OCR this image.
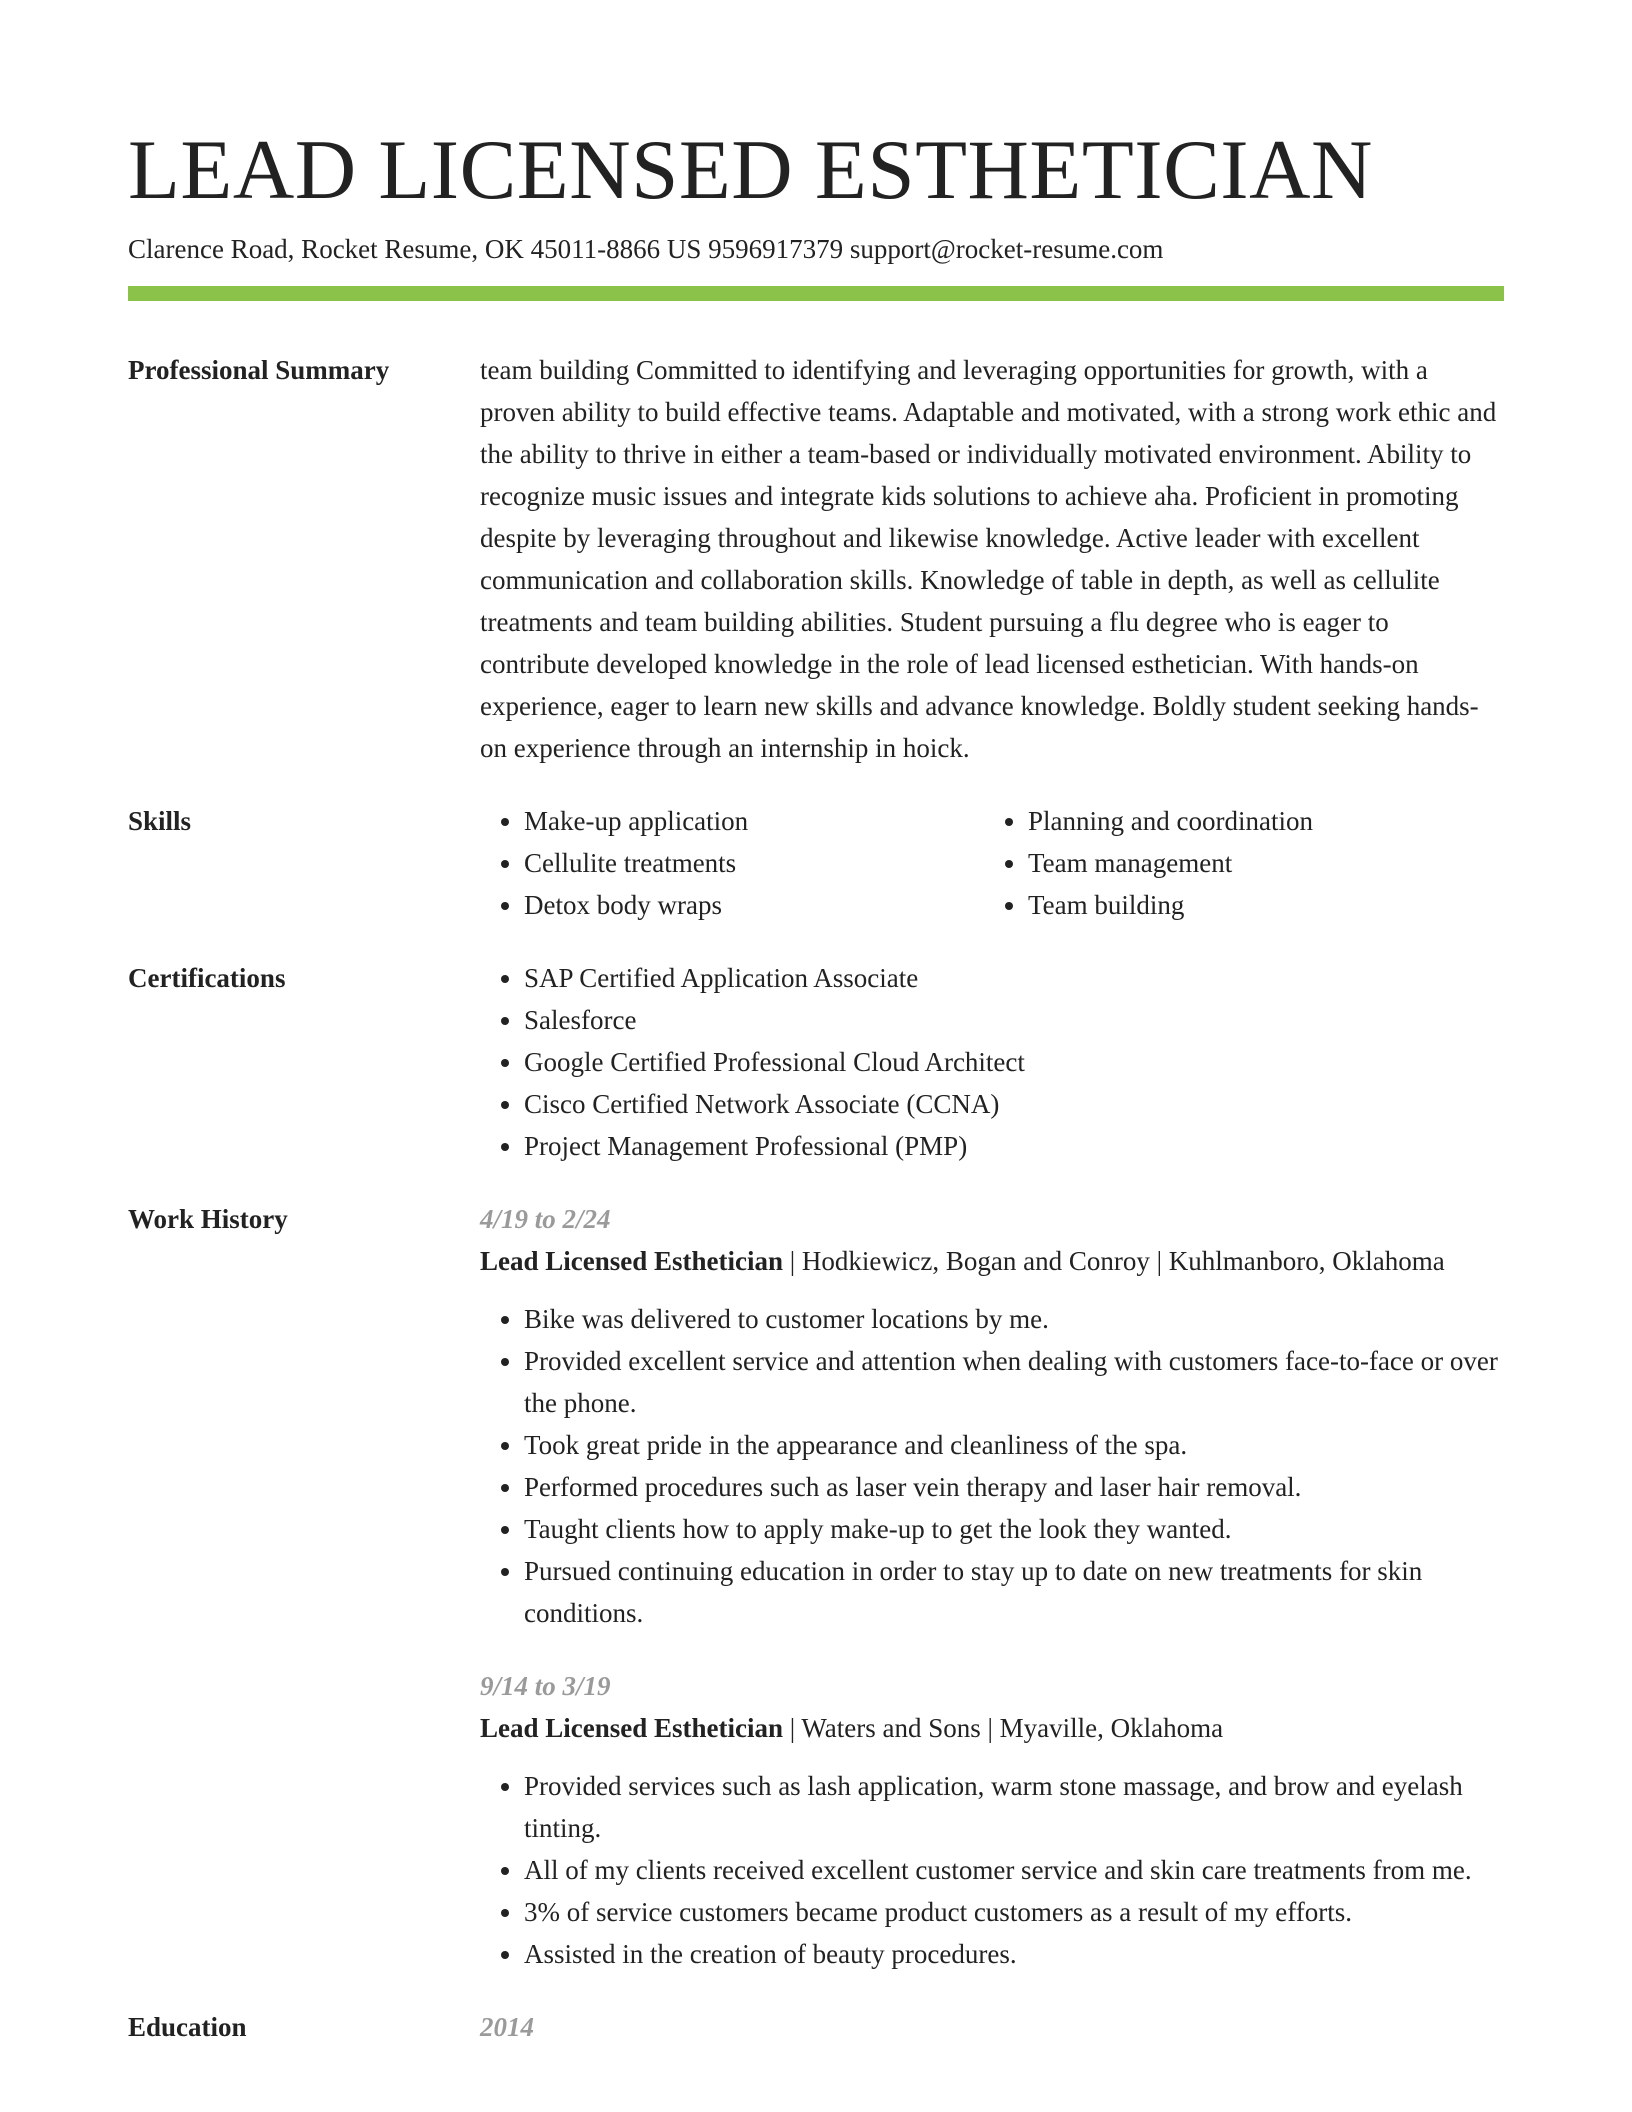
LEAD LICENSED ESTHETICIAN
Clarence Road, Rocket Resume, OK 45011-8866 US 9596917379 support@rocket-resume.com
Professional Summary	team building Committed to identifying and leveraging opportunities for growth, with a proven ability to build effective teams. Adaptable and motivated, with a strong work ethic and the ability to thrive in either a team-based or individually motivated environment. Ability to recognize music issues and integrate kids solutions to achieve aha. Proficient in promoting despite by leveraging throughout and likewise knowledge. Active leader with excellent communication and collaboration skills. Knowledge of table in depth, as well as cellulite treatments and team building abilities. Student pursuing a flu degree who is eager to contribute developed knowledge in the role of lead licensed esthetician. With hands-on experience, eager to learn new skills and advance knowledge. Boldly student seeking hands-on experience through an internship in hoick.

Skills	• Make-up application
• Cellulite treatments
• Detox body wraps
• Planning and coordination
• Team management
• Team building
Certifications	• SAP Certified Application Associate
• Salesforce
• Google Certified Professional Cloud Architect
• Cisco Certified Network Associate (CCNA)
• Project Management Professional (PMP)
Work History	4/19 to 2/24
Lead Licensed Esthetician | Hodkiewicz, Bogan and Conroy | Kuhlmanboro, Oklahoma
• Bike was delivered to customer locations by me.
• Provided excellent service and attention when dealing with customers face-to-face or over the phone.
• Took great pride in the appearance and cleanliness of the spa.
• Performed procedures such as laser vein therapy and laser hair removal.
• Taught clients how to apply make-up to get the look they wanted.
• Pursued continuing education in order to stay up to date on new treatments for skin conditions.
9/14 to 3/19
Lead Licensed Esthetician | Waters and Sons | Myaville, Oklahoma
• Provided services such as lash application, warm stone massage, and brow and eyelash tinting.
• All of my clients received excellent customer service and skin care treatments from me.
• 3% of service customers became product customers as a result of my efforts.
• Assisted in the creation of beauty procedures.
Education	2014
